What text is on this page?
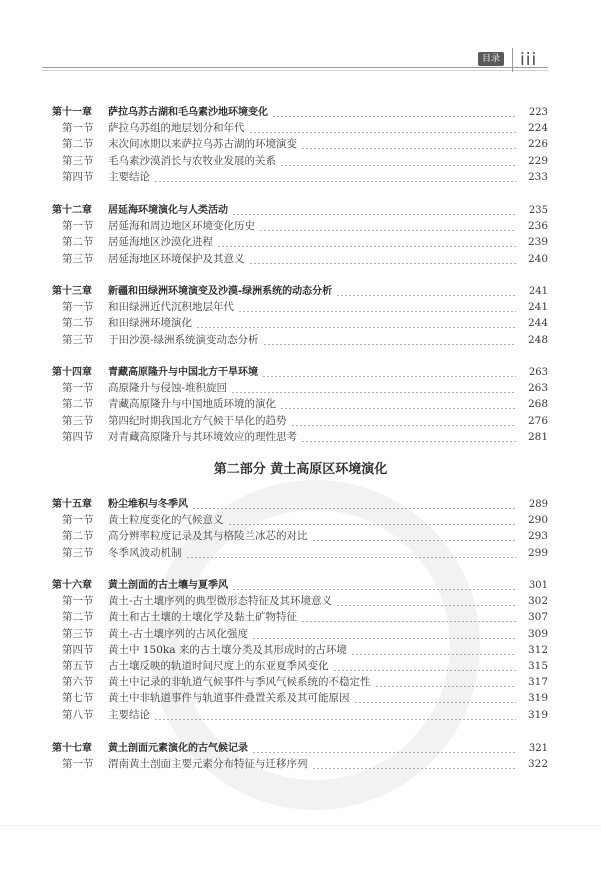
目录 iii
第十一章 萨拉乌苏古湖和毛乌素沙地环境变化	223
第一节 萨拉乌苏组的地层划分和年代	224
第二节 末次间冰期以来萨拉乌苏古湖的环境演变	226
第三节 毛乌素沙漠消长与农牧业发展的关系	229
第四节 主要结论	233
第十二章 居延海环境演化与人类活动	235
第一节 居延海和周边地区环境变化历史	236
第二节 居延海地区沙漠化进程	239
第三节 居延海地区环境保护及其意义	240
第十三章 新疆和田绿洲环境演变及沙漠-绿洲系统的动态分析	241
第一节 和田绿洲近代沉积地层年代	241
第二节 和田绿洲环境演化	244
第三节 于田沙漠-绿洲系统演变动态分析	248
第十四章 青藏高原隆升与中国北方干旱环境	263
第一节 高原隆升与侵蚀-堆积旋回	263
第二节 青藏高原隆升与中国地质环境的演化	268
第三节 第四纪时期我国北方气候干旱化的趋势	276
第四节 对青藏高原隆升与其环境效应的理性思考	281
第十五章 粉尘堆积与冬季风	289
第一节 黄土粒度变化的气候意义	290
第二节 高分辨率粒度记录及其与格陵兰冰芯的对比	293
第三节 冬季风波动机制	299
第十六章 黄土剖面的古土壤与夏季风	301
第一节 黄土-古土壤序列的典型微形态特征及其环境意义	302
第二节 黄土和古土壤的土壤化学及黏土矿物特征	307
第三节 黄土-古土壤序列的古风化强度	309
第四节 黄土中 150ka 来的古土壤分类及其形成时的古环境	312
第五节 古土壤反映的轨道时间尺度上的东亚夏季风变化	315
第六节 黄土中记录的非轨道气候事件与季风气候系统的不稳定性	317
第七节 黄土中非轨道事件与轨道事件叠置关系及其可能原因	319
第八节 主要结论	319
第十七章 黄土剖面元素演化的古气候记录	321
第一节 渭南黄土剖面主要元素分布特征与迁移序列	322
第二部分 黄土高原区环境演化
